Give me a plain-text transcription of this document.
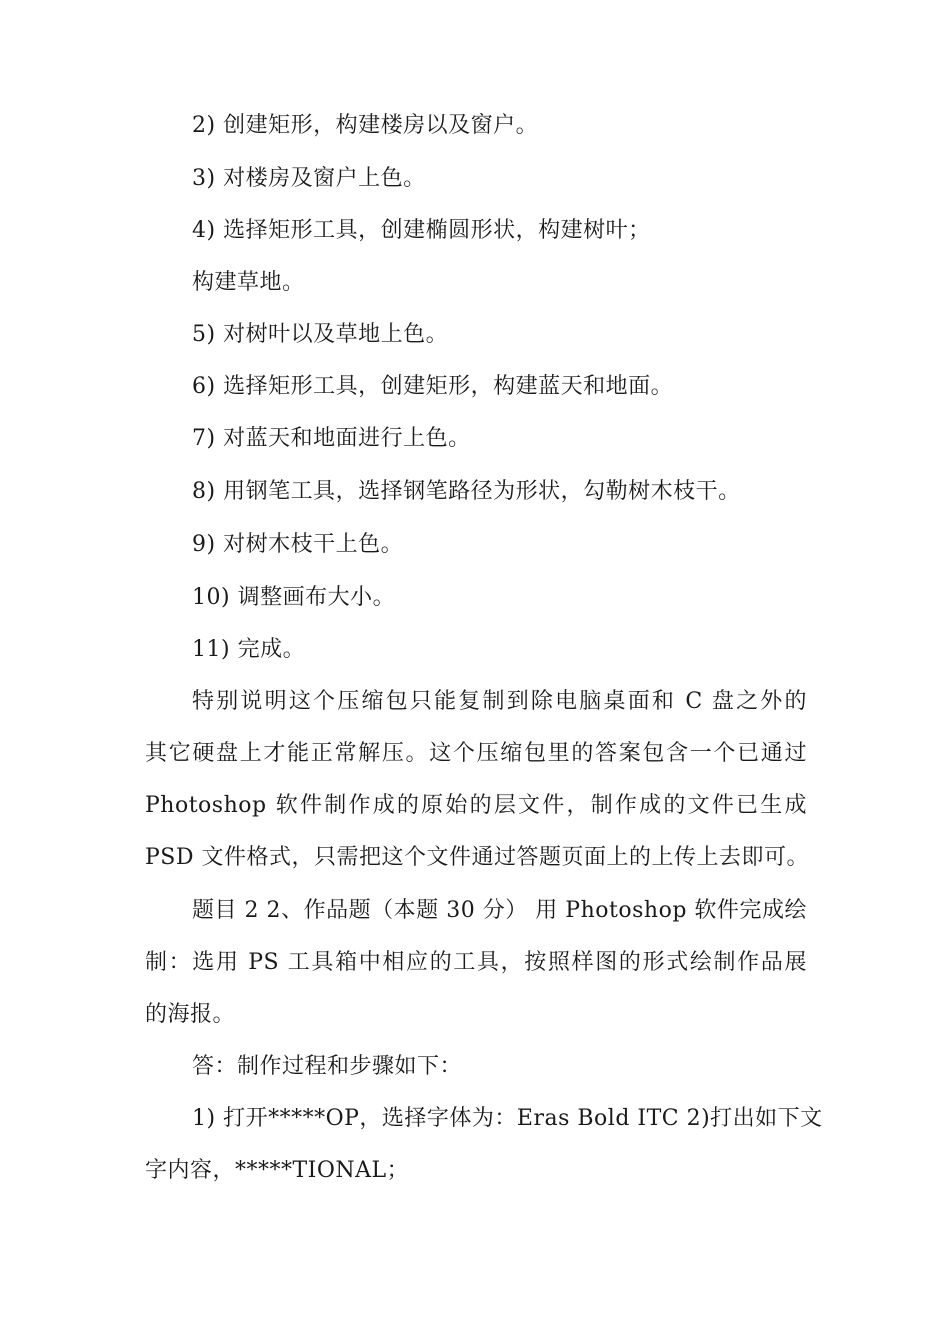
2) 创建矩形，构建楼房以及窗户。
3) 对楼房及窗户上色。
4) 选择矩形工具，创建椭圆形状，构建树叶；
构建草地。
5) 对树叶以及草地上色。
6) 选择矩形工具，创建矩形，构建蓝天和地面。
7) 对蓝天和地面进行上色。
8) 用钢笔工具，选择钢笔路径为形状，勾勒树木枝干。
9) 对树木枝干上色。
10) 调整画布大小。
11) 完成。
特别说明这个压缩包只能复制到除电脑桌面和 C 盘之外的
其它硬盘上才能正常解压。这个压缩包里的答案包含一个已通过
Photoshop 软件制作成的原始的层文件，制作成的文件已生成
PSD 文件格式，只需把这个文件通过答题页面上的上传上去即可。
题目 2 2、作品题（本题 30 分） 用 Photoshop 软件完成绘
制：选用 PS 工具箱中相应的工具，按照样图的形式绘制作品展
的海报。
答：制作过程和步骤如下：
1) 打开*****OP，选择字体为：Eras Bold ITC 2)打出如下文
字内容，*****TIONAL；
